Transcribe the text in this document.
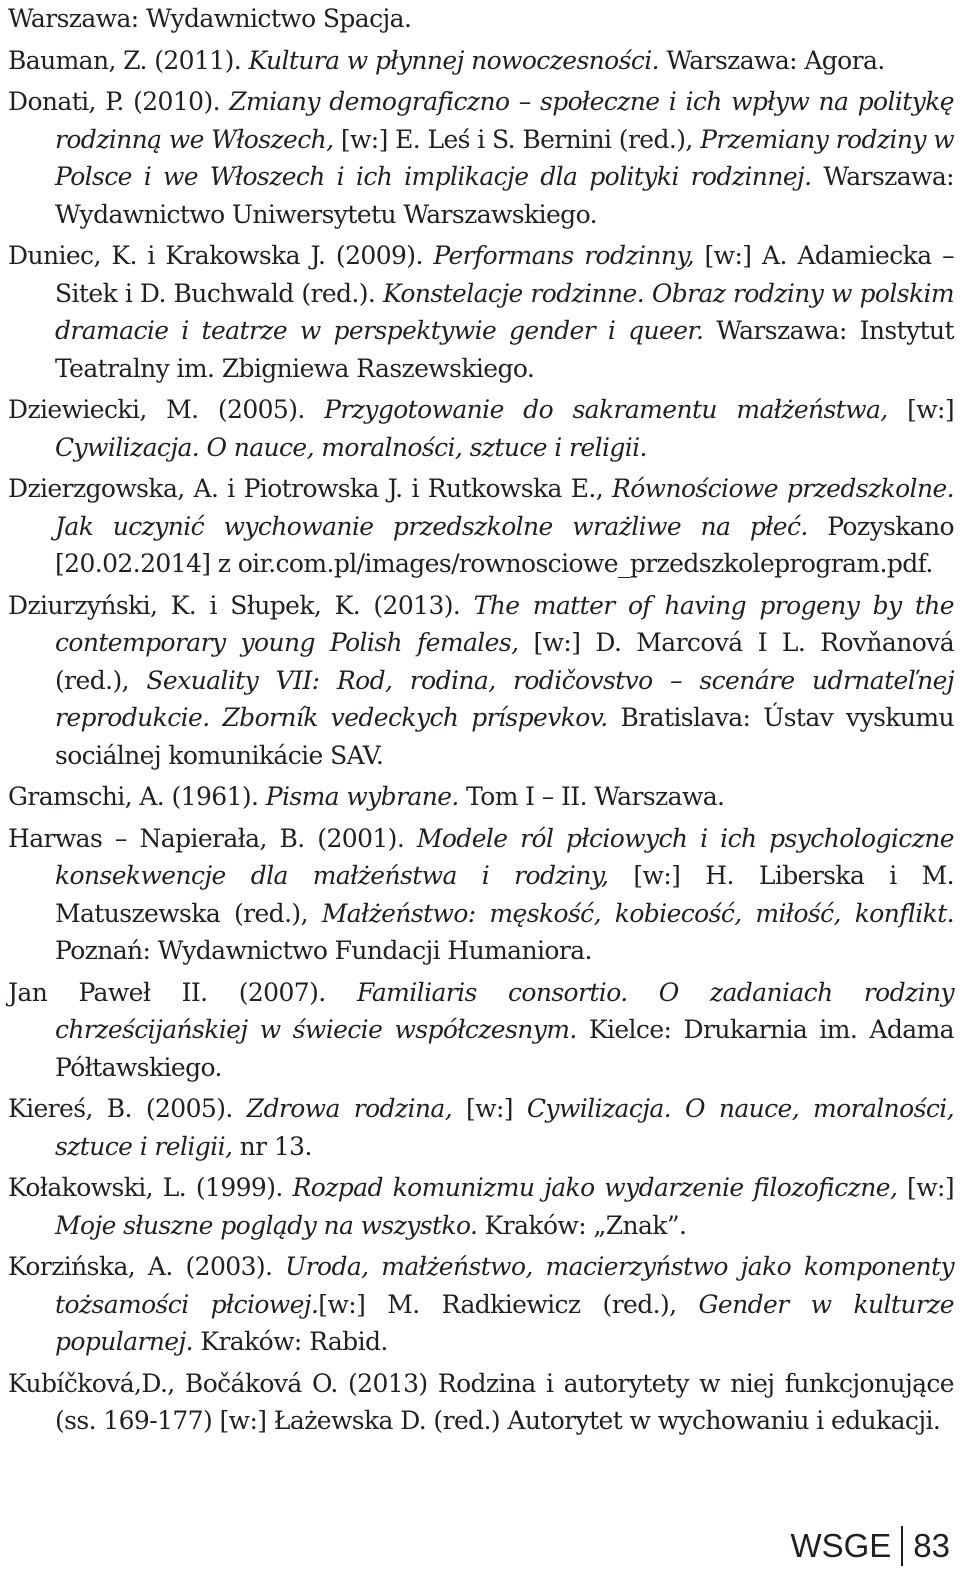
Warszawa: Wydawnictwo Spacja.

Bauman, Z. (2011). Kultura w płynnej nowoczesności. Warszawa: Agora.

Donati, P. (2010). Zmiany demograficzno – społeczne i ich wpływ na politykę rodzinną we Włoszech, [w:] E. Leś i S. Bernini (red.), Przemiany rodziny w Polsce i we Włoszech i ich implikacje dla polityki rodzinnej. Warszawa: Wydawnictwo Uniwersytetu Warszawskiego.

Duniec, K. i Krakowska J. (2009). Performans rodzinny, [w:] A. Adamiecka – Sitek i D. Buchwald (red.). Konstelacje rodzinne. Obraz rodziny w polskim dramacie i teatrze w perspektywie gender i queer. Warszawa: Instytut Teatralny im. Zbigniewa Raszewskiego.

Dziewiecki, M. (2005). Przygotowanie do sakramentu małżeństwa, [w:] Cywilizacja. O nauce, moralności, sztuce i religii.

Dzierzgowska, A. i Piotrowska J. i Rutkowska E., Równościowe przedszkolne. Jak uczynić wychowanie przedszkolne wrażliwe na płeć. Pozyskano [20.02.2014] z oir.com.pl/images/rownosciowe_przedszkoleprogram.pdf.

Dziurzyński, K. i Słupek, K. (2013). The matter of having progeny by the contemporary young Polish females, [w:] D. Marcová I L. Rovňanová (red.), Sexuality VII: Rod, rodina, rodičovstvo – scenáre udrnateľnej reprodukcie. Zborník vedeckych príspevkov. Bratislava: Ústav vyskumu sociálnej komunikácie SAV.

Gramschi, A. (1961). Pisma wybrane. Tom I – II. Warszawa.

Harwas – Napierała, B. (2001). Modele ról płciowych i ich psychologiczne konsekwencje dla małżeństwa i rodziny, [w:] H. Liberska i M. Matuszewska (red.), Małżeństwo: męskość, kobiecość, miłość, konflikt. Poznań: Wydawnictwo Fundacji Humaniora.

Jan Paweł II. (2007). Familiaris consortio. O zadaniach rodziny chrześcijańskiej w świecie współczesnym. Kielce: Drukarnia im. Adama Półtawskiego.

Kiereś, B. (2005). Zdrowa rodzina, [w:] Cywilizacja. O nauce, moralności, sztuce i religii, nr 13.

Kołakowski, L. (1999). Rozpad komunizmu jako wydarzenie filozoficzne, [w:] Moje słuszne poglądy na wszystko. Kraków: „Znak”.

Korzińska, A. (2003). Uroda, małżeństwo, macierzyństwo jako komponenty tożsamości płciowej.[w:] M. Radkiewicz (red.), Gender w kulturze popularnej. Kraków: Rabid.

Kubíčková,D., Bočáková O. (2013) Rodzina i autorytety w niej funkcjonujące (ss. 169-177) [w:] Łażewska D. (red.) Autorytet w wychowaniu i edukacji.

WSGE 83
